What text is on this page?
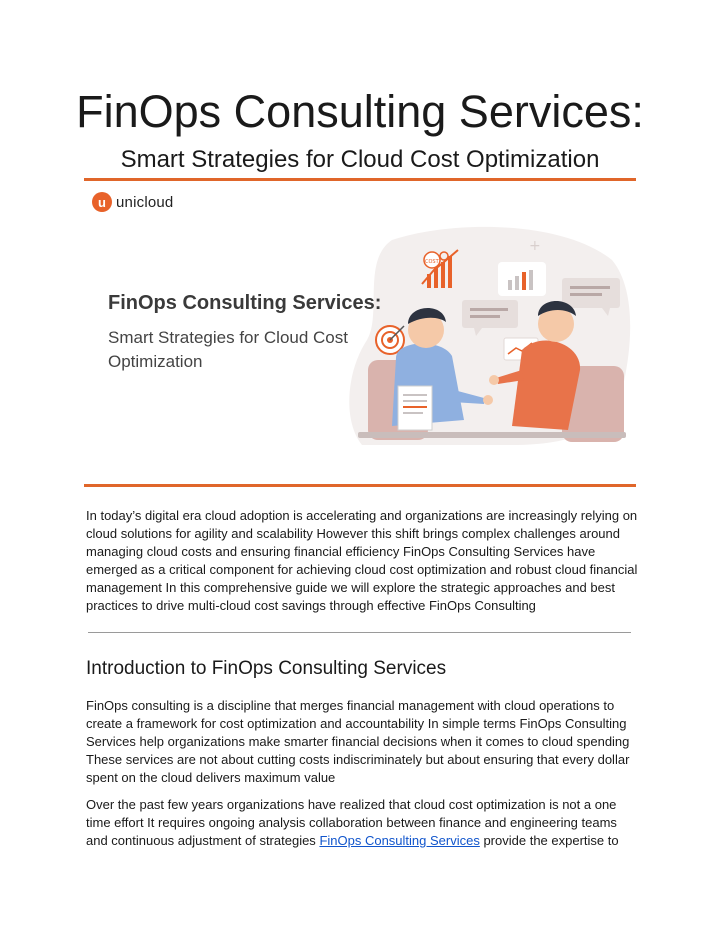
FinOps Consulting Services:
Smart Strategies for Cloud Cost Optimization
u unicloud
+
COST
FinOps Consulting Services:
Smart Strategies for Cloud Cost Optimization

In today’s digital era cloud adoption is accelerating and organizations are increasingly relying on cloud solutions for agility and scalability However this shift brings complex challenges around managing cloud costs and ensuring financial efficiency FinOps Consulting Services have emerged as a critical component for achieving cloud cost optimization and robust cloud financial management In this comprehensive guide we will explore the strategic approaches and best practices to drive multi-cloud cost savings through effective FinOps Consulting

Introduction to FinOps Consulting Services

FinOps consulting is a discipline that merges financial management with cloud operations to create a framework for cost optimization and accountability In simple terms FinOps Consulting Services help organizations make smarter financial decisions when it comes to cloud spending These services are not about cutting costs indiscriminately but about ensuring that every dollar spent on the cloud delivers maximum value

Over the past few years organizations have realized that cloud cost optimization is not a one time effort It requires ongoing analysis collaboration between finance and engineering teams and continuous adjustment of strategies FinOps Consulting Services provide the expertise to
